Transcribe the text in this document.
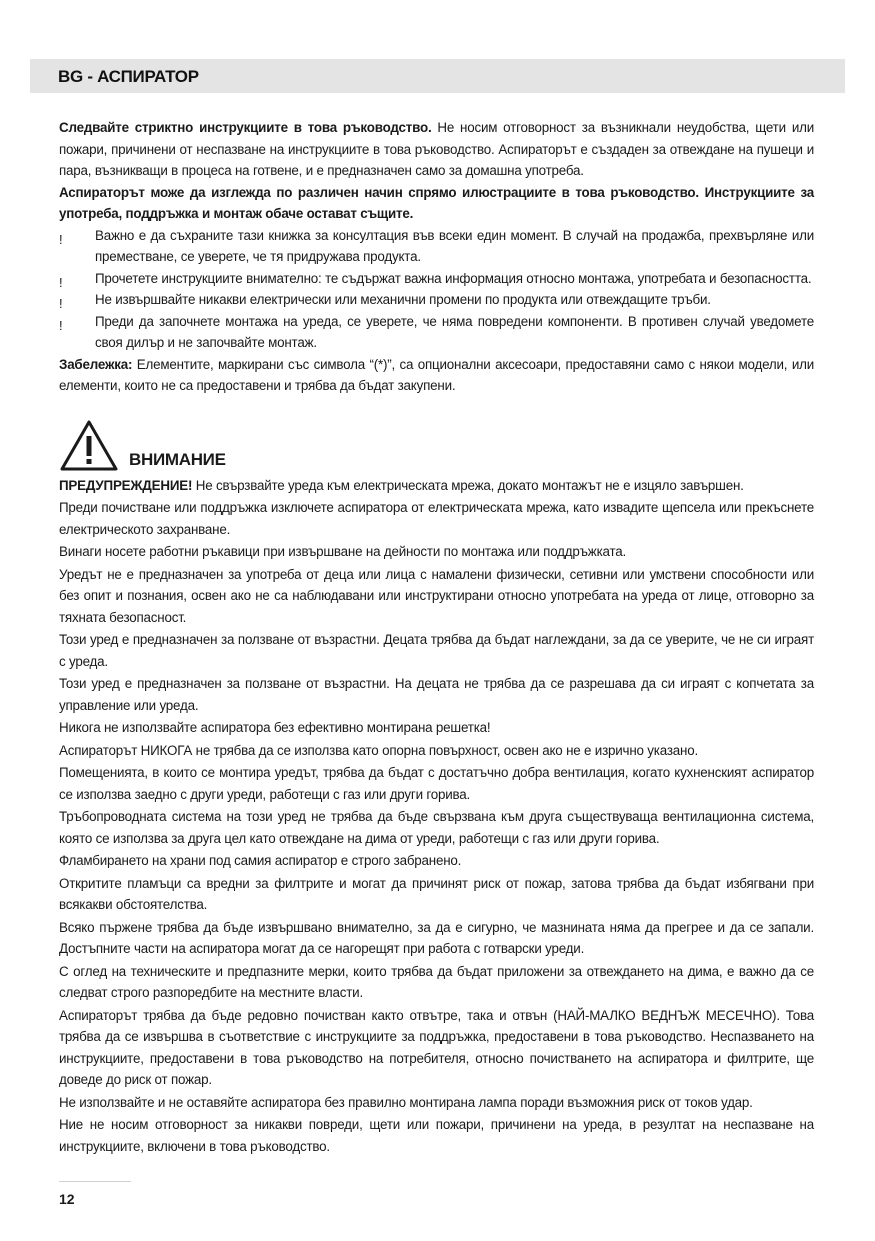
BG - АСПИРАТОР

Следвайте стриктно инструкциите в това ръководство. Не носим отговорност за възникнали неудобства, щети или пожари, причинени от неспазване на инструкциите в това ръководство. Аспираторът е създаден за отвеждане на пушеци и пара, възникващи в процеса на готвене, и е предназначен само за домашна употреба.

Аспираторът може да изглежда по различен начин спрямо илюстрациите в това ръководство. Инструкциите за употреба, поддръжка и монтаж обаче остават същите.

! Важно е да съхраните тази книжка за консултация във всеки един момент. В случай на продажба, прехвърляне или преместване, се уверете, че тя придружава продукта.
! Прочетете инструкциите внимателно: те съдържат важна информация относно монтажа, употребата и безопасността.
! Не извършвайте никакви електрически или механични промени по продукта или отвеждащите тръби.
! Преди да започнете монтажа на уреда, се уверете, че няма повредени компоненти. В противен случай уведомете своя дилър и не започвайте монтаж.

Забележка: Елементите, маркирани със символа “(*)”, са опционални аксесоари, предоставяни само с някои модели, или елементи, които не са предоставени и трябва да бъдат закупени.

ВНИМАНИЕ

ПРЕДУПРЕЖДЕНИЕ! Не свързвайте уреда към електрическата мрежа, докато монтажът не е изцяло завършен.

Преди почистване или поддръжка изключете аспиратора от електрическата мрежа, като извадите щепсела или прекъснете електрическото захранване.

Винаги носете работни ръкавици при извършване на дейности по монтажа или поддръжката.

Уредът не е предназначен за употреба от деца или лица с намалени физически, сетивни или умствени способности или без опит и познания, освен ако не са наблюдавани или инструктирани относно употребата на уреда от лице, отговорно за тяхната безопасност.

Този уред е предназначен за ползване от възрастни. Децата трябва да бъдат наглеждани, за да се уверите, че не си играят с уреда.

Този уред е предназначен за ползване от възрастни. На децата не трябва да се разрешава да си играят с копчетата за управление или уреда.

Никога не използвайте аспиратора без ефективно монтирана решетка!

Аспираторът НИКОГА не трябва да се използва като опорна повърхност, освен ако не е изрично указано.

Помещенията, в които се монтира уредът, трябва да бъдат с достатъчно добра вентилация, когато кухненският аспиратор се използва заедно с други уреди, работещи с газ или други горива.

Тръбопроводната система на този уред не трябва да бъде свързвана към друга съществуваща вентилационна система, която се използва за друга цел като отвеждане на дима от уреди, работещи с газ или други горива.

Фламбирането на храни под самия аспиратор е строго забранено.

Откритите пламъци са вредни за филтрите и могат да причинят риск от пожар, затова трябва да бъдат избягвани при всякакви обстоятелства.

Всяко пържене трябва да бъде извършвано внимателно, за да е сигурно, че мазнината няма да прегрее и да се запали. Достъпните части на аспиратора могат да се нагорещят при работа с готварски уреди.

С оглед на техническите и предпазните мерки, които трябва да бъдат приложени за отвеждането на дима, е важно да се следват строго разпоредбите на местните власти.

Аспираторът трябва да бъде редовно почистван както отвътре, така и отвън (НАЙ-МАЛКО ВЕДНЪЖ МЕСЕЧНО). Това трябва да се извършва в съответствие с инструкциите за поддръжка, предоставени в това ръководство. Неспазването на инструкциите, предоставени в това ръководство на потребителя, относно почистването на аспиратора и филтрите, ще доведе до риск от пожар.

Не използвайте и не оставяйте аспиратора без правилно монтирана лампа поради възможния риск от токов удар.

Ние не носим отговорност за никакви повреди, щети или пожари, причинени на уреда, в резултат на неспазване на инструкциите, включени в това ръководство.

12
